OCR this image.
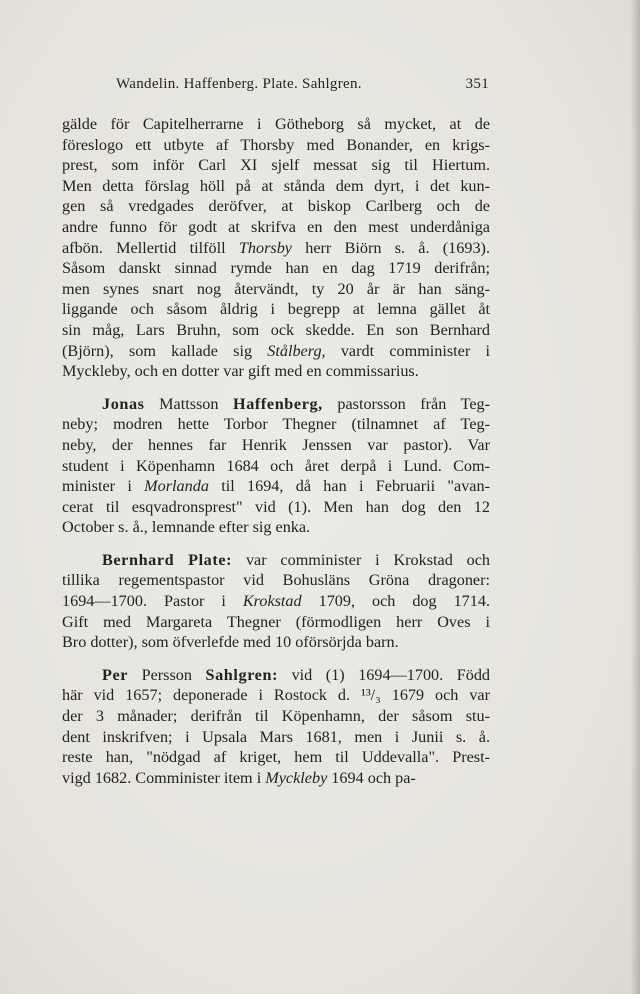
Wandelin. Haffenberg. Plate. Sahlgren.	351
gälde för Capitelherrarne i Götheborg så mycket, at de
föreslogo ett utbyte af Thorsby med Bonander, en krigs-
prest, som inför Carl XI sjelf messat sig til Hiertum.
Men detta förslag höll på at stånda dem dyrt, i det kun-
gen så vredgades deröfver, at biskop Carlberg och de
andre funno för godt at skrifva en den mest underdåniga
afbön. Mellertid tilföll Thorsby herr Biörn s. å. (1693).
Såsom danskt sinnad rymde han en dag 1719 derifrån;
men synes snart nog återvändt, ty 20 år är han säng-
liggande och såsom åldrig i begrepp at lemna gället åt
sin måg, Lars Bruhn, som ock skedde. En son Bernhard
(Björn), som kallade sig Stålberg, vardt comminister i
Myckleby, och en dotter var gift med en commissarius.
Jonas Mattsson Haffenberg, pastorsson från Teg-
neby; modren hette Torbor Thegner (tilnamnet af Teg-
neby, der hennes far Henrik Jenssen var pastor). Var
student i Köpenhamn 1684 och året derpå i Lund. Com-
minister i Morlanda til 1694, då han i Februarii "avan-
cerat til esqvadronsprest" vid (1). Men han dog den 12
October s. å., lemnande efter sig enka.
Bernhard Plate: var comminister i Krokstad och
tillika regementspastor vid Bohusläns Gröna dragoner:
1694—1700. Pastor i Krokstad 1709, och dog 1714.
Gift med Margareta Thegner (förmodligen herr Oves i
Bro dotter), som öfverlefde med 10 oförsörjda barn.
Per Persson Sahlgren: vid (1) 1694—1700. Född
här vid 1657; deponerade i Rostock d. ¹³/₃ 1679 och var
der 3 månader; derifrån til Köpenhamn, der såsom stu-
dent inskrifven; i Upsala Mars 1681, men i Junii s. å.
reste han, "nödgad af kriget, hem til Uddevalla". Prest-
vigd 1682. Comminister item i Myckleby 1694 och pa-
